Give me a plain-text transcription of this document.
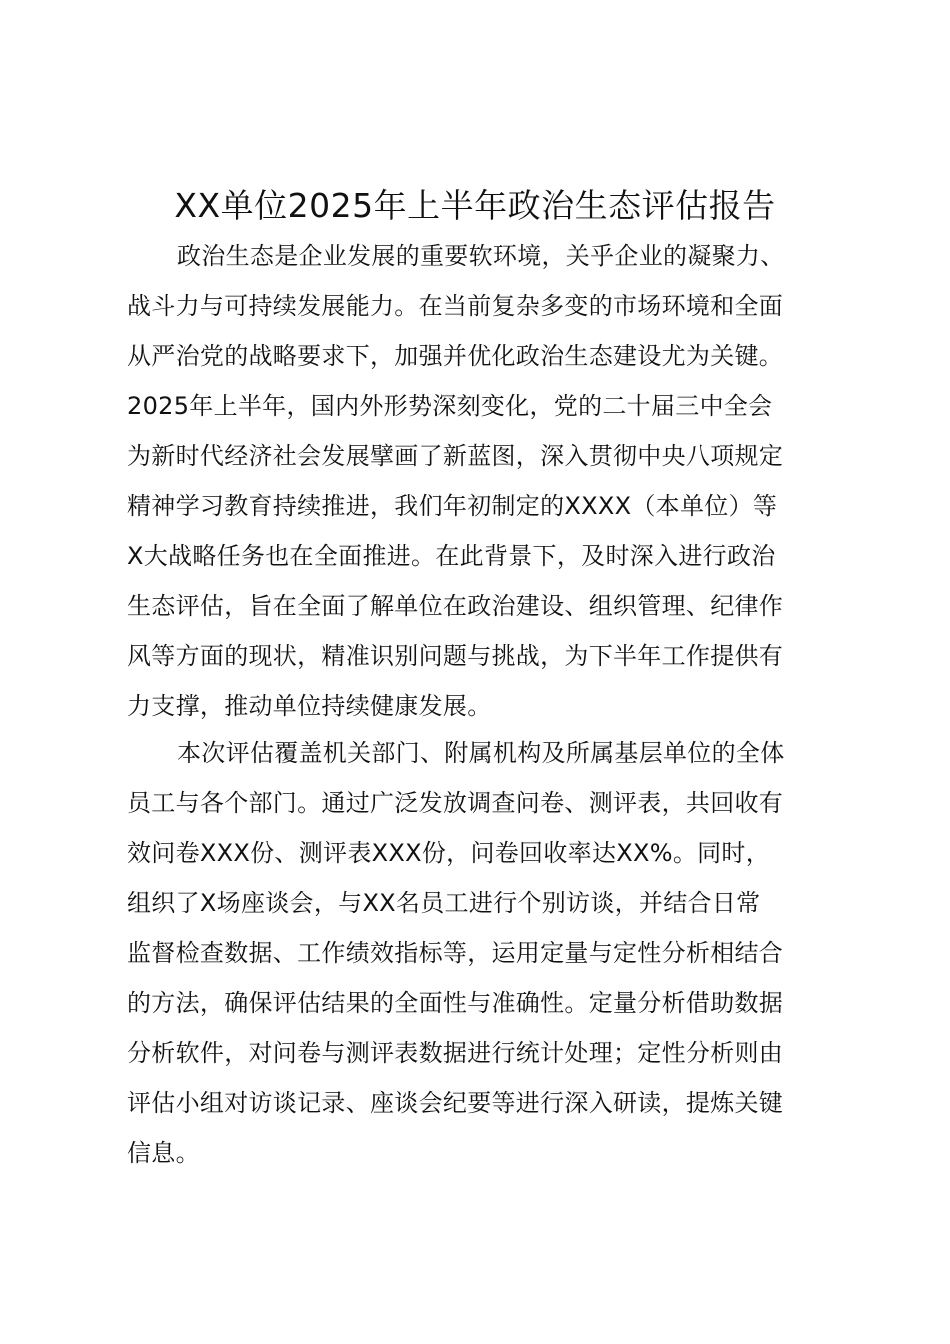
XX单位2025年上半年政治生态评估报告
政治生态是企业发展的重要软环境，关乎企业的凝聚力、
战斗力与可持续发展能力。在当前复杂多变的市场环境和全面
从严治党的战略要求下，加强并优化政治生态建设尤为关键。
2025年上半年，国内外形势深刻变化，党的二十届三中全会
为新时代经济社会发展擘画了新蓝图，深入贯彻中央八项规定
精神学习教育持续推进，我们年初制定的XXXX（本单位）等
X大战略任务也在全面推进。在此背景下，及时深入进行政治
生态评估，旨在全面了解单位在政治建设、组织管理、纪律作
风等方面的现状，精准识别问题与挑战，为下半年工作提供有
力支撑，推动单位持续健康发展。
本次评估覆盖机关部门、附属机构及所属基层单位的全体
员工与各个部门。通过广泛发放调查问卷、测评表，共回收有
效问卷XXX份、测评表XXX份，问卷回收率达XX%。同时，
组织了X场座谈会，与XX名员工进行个别访谈，并结合日常
监督检查数据、工作绩效指标等，运用定量与定性分析相结合
的方法，确保评估结果的全面性与准确性。定量分析借助数据
分析软件，对问卷与测评表数据进行统计处理；定性分析则由
评估小组对访谈记录、座谈会纪要等进行深入研读，提炼关键
信息。
